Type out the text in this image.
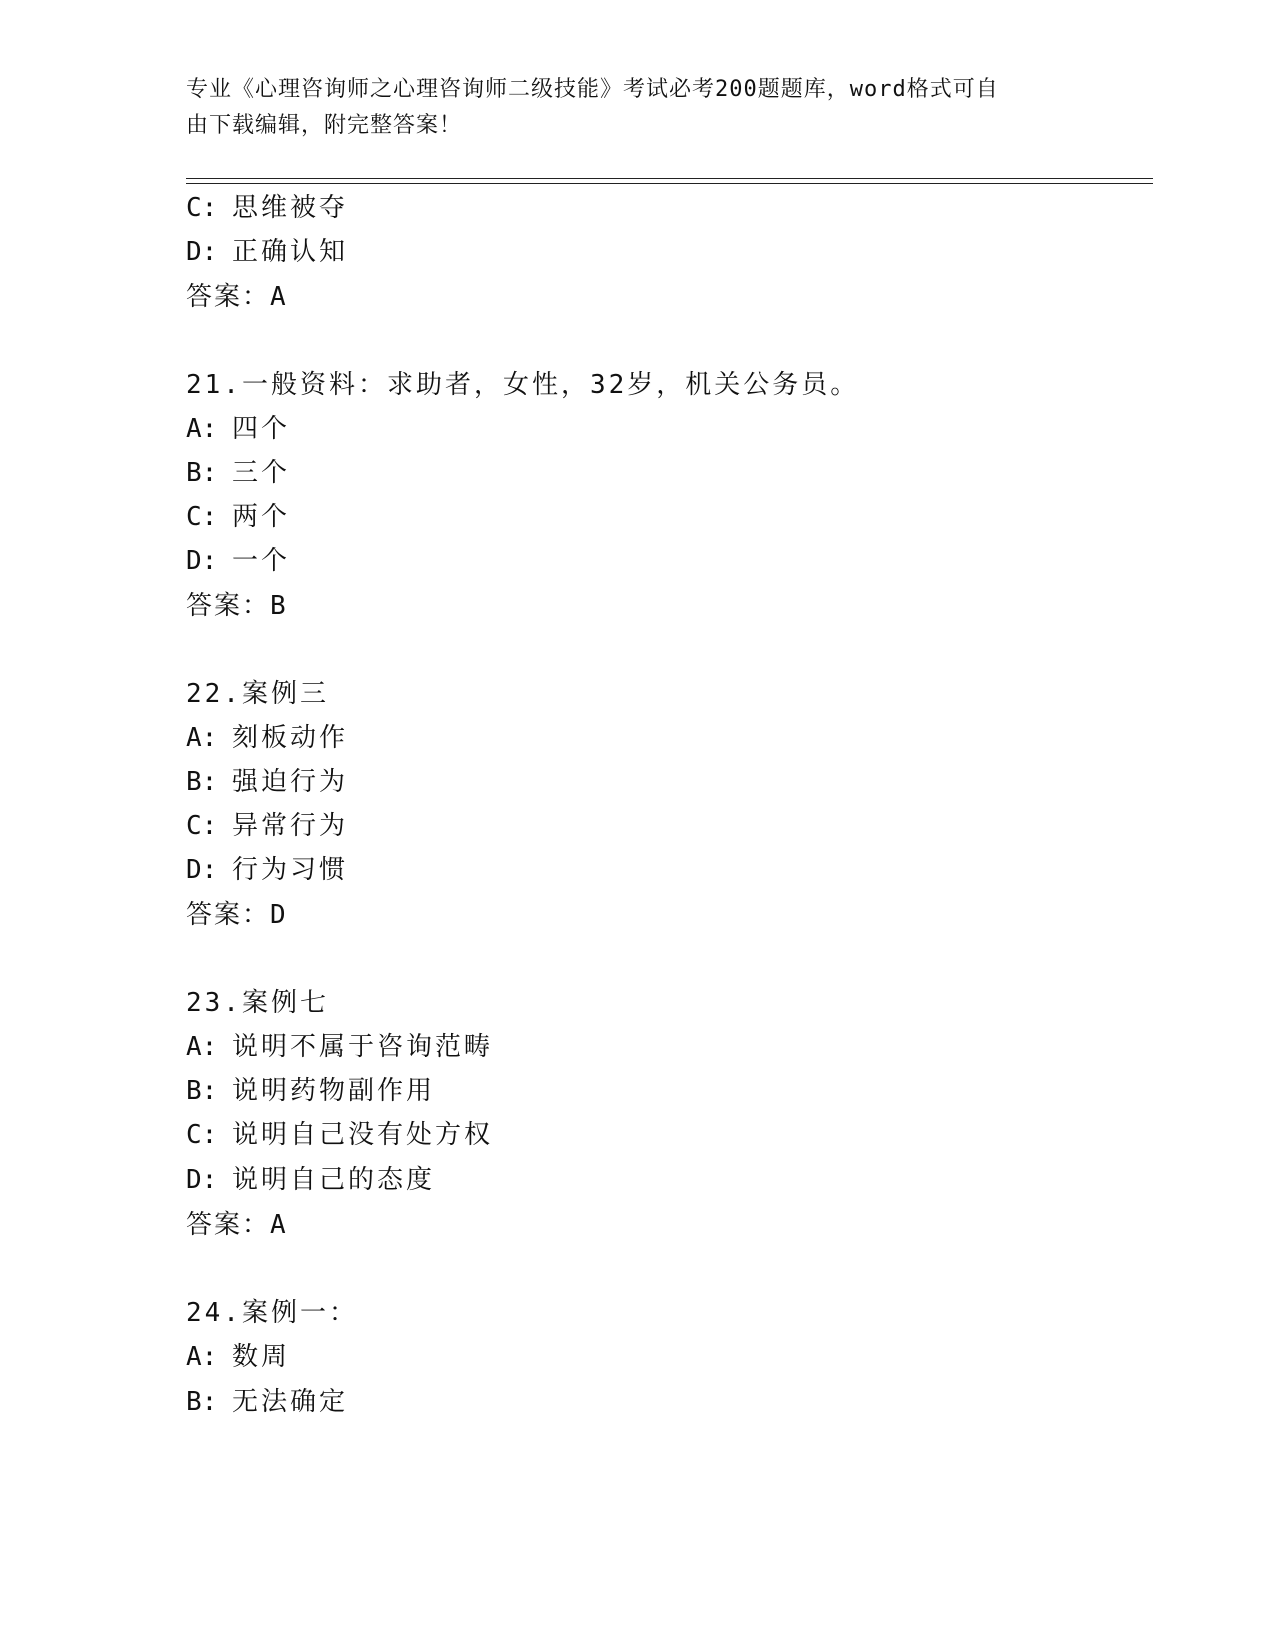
专业《心理咨询师之心理咨询师二级技能》考试必考200题题库，word格式可自
由下载编辑，附完整答案！
C: 思维被夺
D: 正确认知
答案：A
21.一般资料：求助者，女性，32岁，机关公务员。
A: 四个
B: 三个
C: 两个
D: 一个
答案：B
22.案例三
A: 刻板动作
B: 强迫行为
C: 异常行为
D: 行为习惯
答案：D
23.案例七
A: 说明不属于咨询范畴
B: 说明药物副作用
C: 说明自己没有处方权
D: 说明自己的态度
答案：A
24.案例一：
A: 数周
B: 无法确定
